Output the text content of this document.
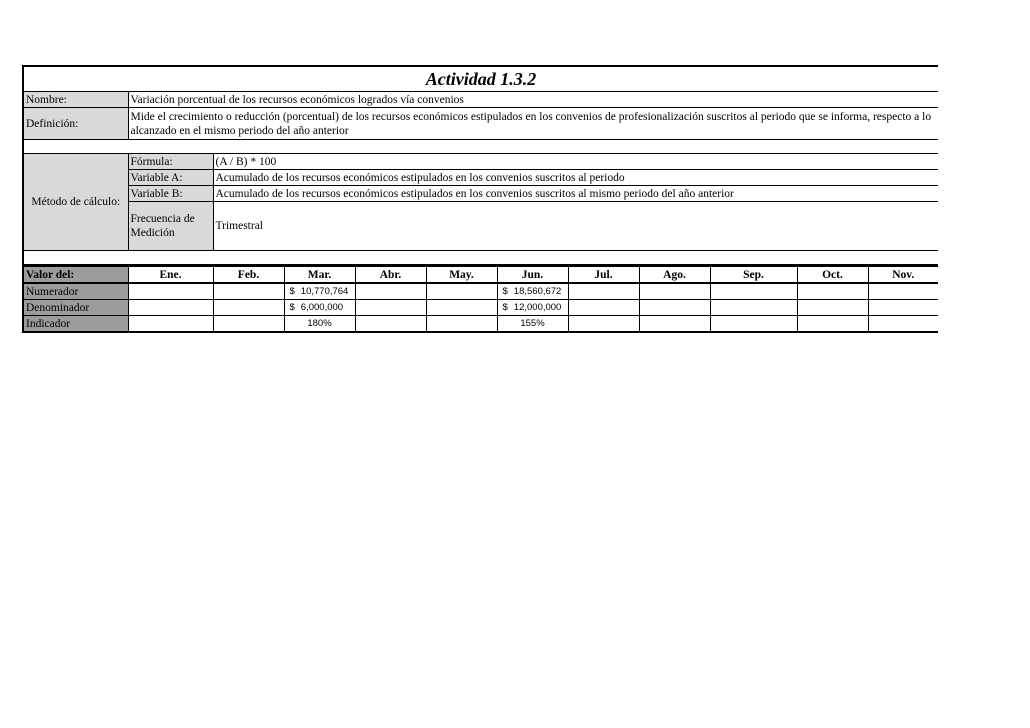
Actividad 1.3.2
Nombre:	Variación porcentual de los recursos económicos logrados vía convenios	
Definición:	Mide el crecimiento o reducción (porcentual) de los recursos económicos estipulados en los convenios de profesionalización suscritos al periodo que se informa, respecto a lo alcanzado en el mismo periodo del año anterior	

Método de cálculo:	Fórmula:	(A / B) * 100
	Variable A:	Acumulado de los recursos económicos estipulados en los convenios suscritos al periodo
	Variable B:	Acumulado de los recursos económicos estipulados en los convenios suscritos al mismo periodo del año anterior
	Frecuencia de Medición	Trimestral

Valor del:	Ene.	Feb.	Mar.	Abr.	May.	Jun.	Jul.	Ago.	Sep.	Oct.	Nov.
Numerador			$ 10,770,764			$ 18,560,672					

Denominador			$ 6,000,000			$ 12,000,000					

Indicador			180%			155%					
